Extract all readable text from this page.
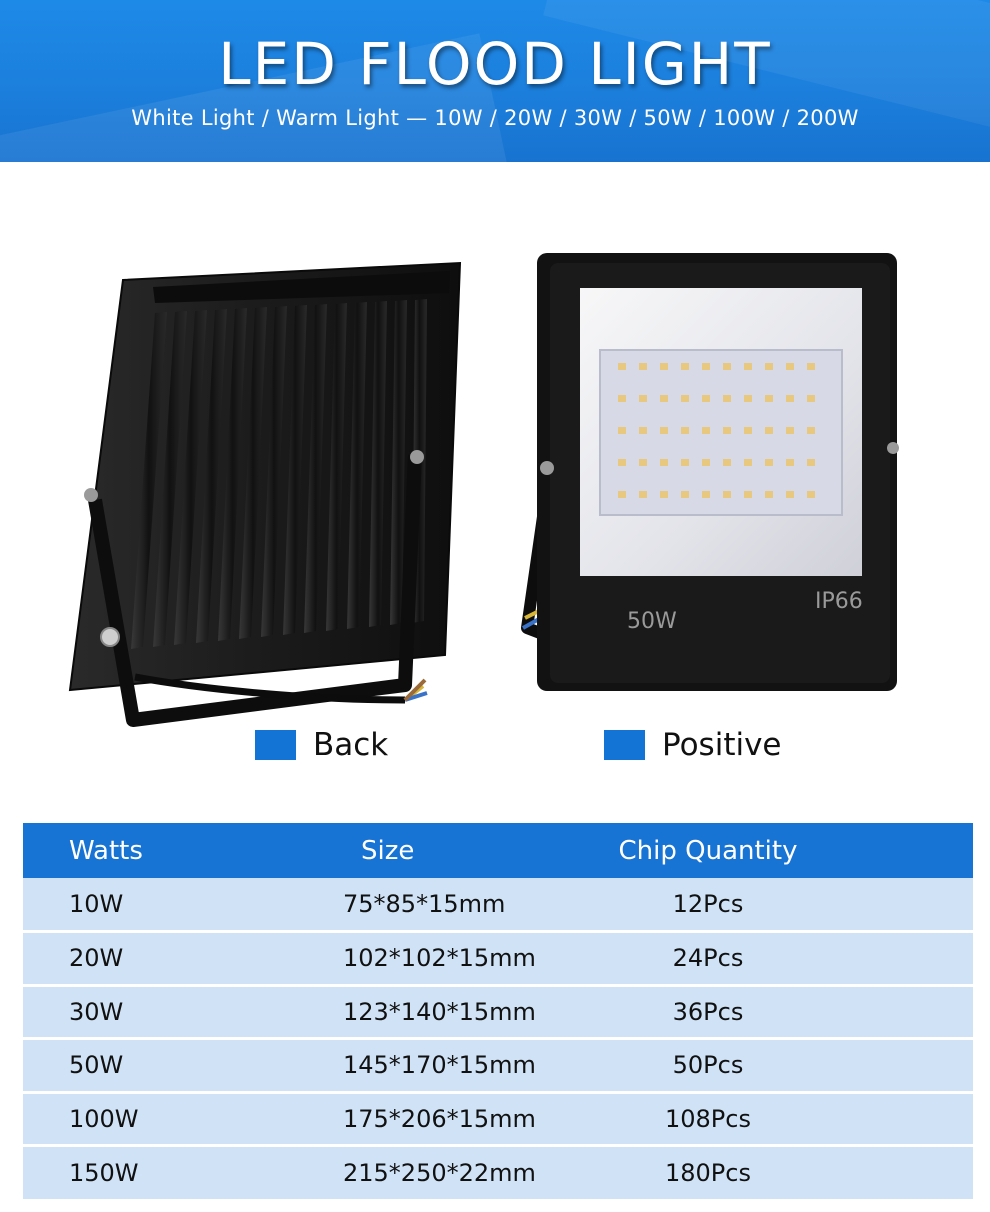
LED FLOOD LIGHT
White Light / Warm Light — 10W / 20W / 30W / 50W / 100W / 200W
50W
IP66
Back	Positive
Watts	Size	Chip Quantity
10W	75*85*15mm	12Pcs
20W	102*102*15mm	24Pcs
30W	123*140*15mm	36Pcs
50W	145*170*15mm	50Pcs
100W	175*206*15mm	108Pcs
150W	215*250*22mm	180Pcs
